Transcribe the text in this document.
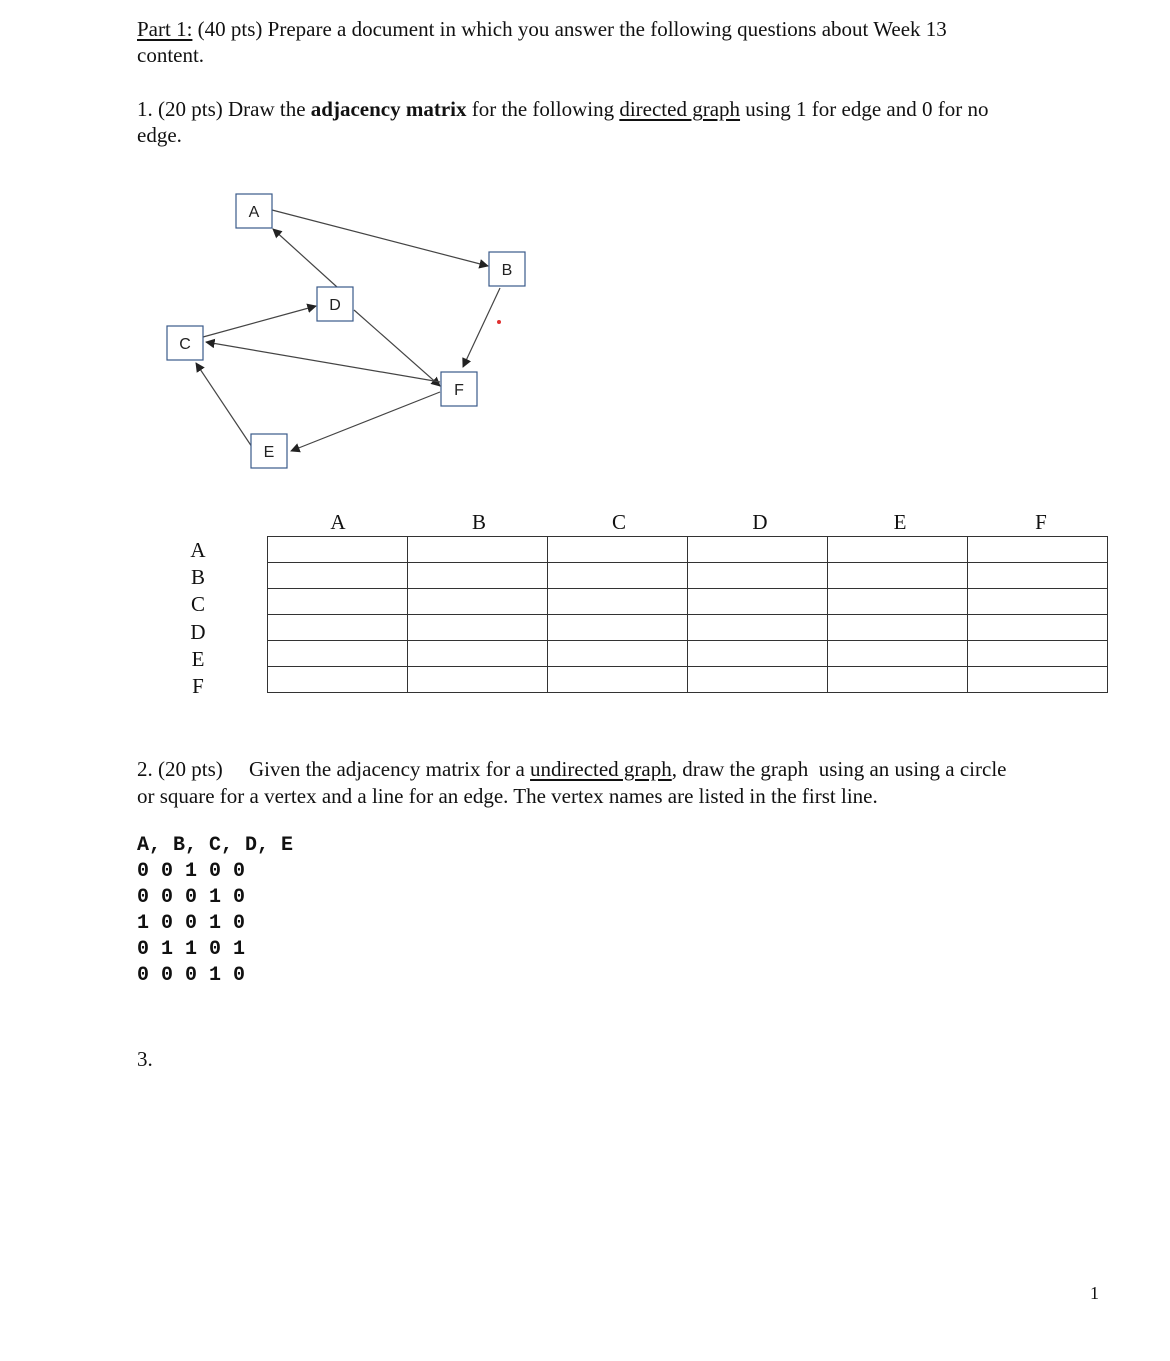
Part 1: (40 pts) Prepare a document in which you answer the following questions about Week 13
content.
1. (20 pts) Draw the adjacency matrix for the following directed graph using 1 for edge and 0 for no
edge.
A
B
C
D
E
F
A	B	C	D	E	F
A
B
C
D
E
F

2. (20 pts)     Given the adjacency matrix for a undirected graph, draw the graph  using an using a circle
or square for a vertex and a line for an edge. The vertex names are listed in the first line.
A, B, C, D, E
0 0 1 0 0
0 0 0 1 0
1 0 0 1 0
0 1 1 0 1
0 0 0 1 0
3.
1
